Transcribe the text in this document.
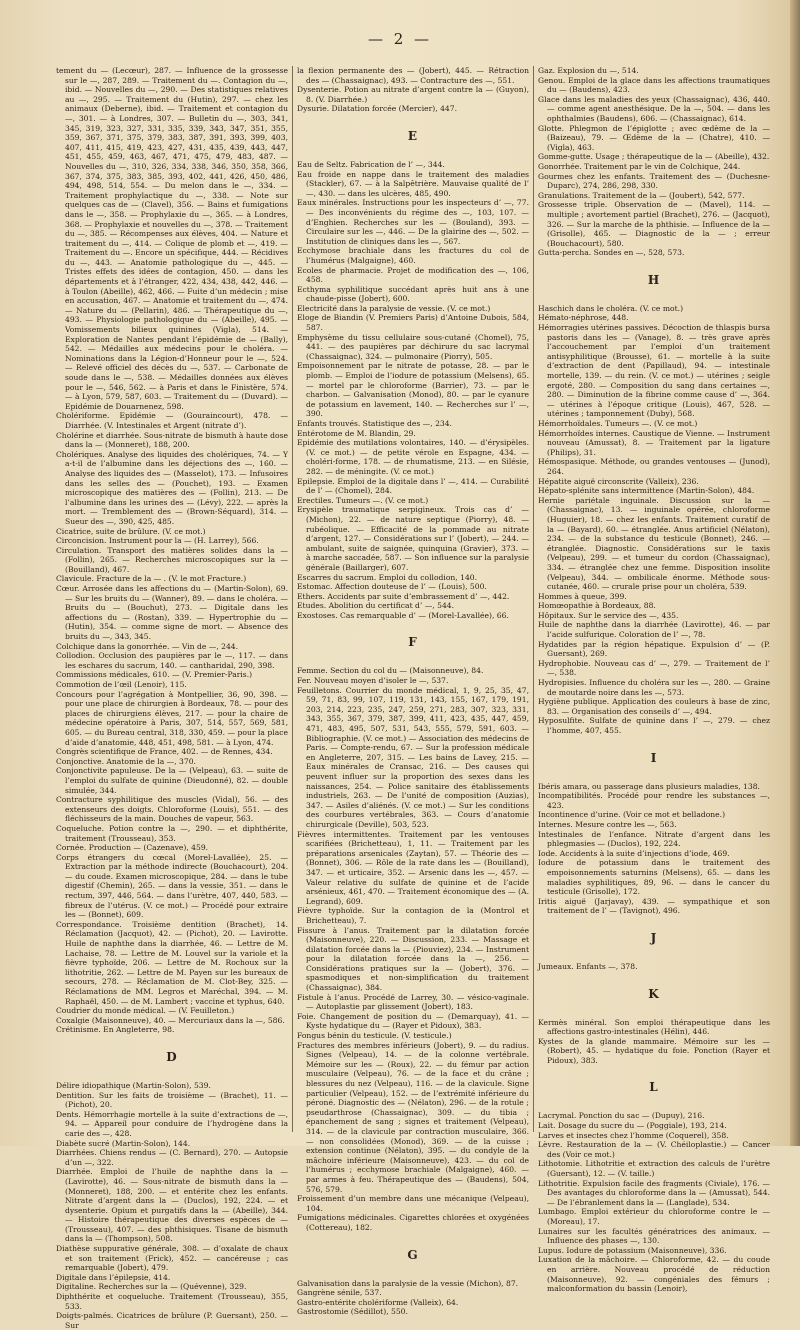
— 2 —

tement du — (Lecœur), 287. — Influence de la grossesse sur le —, 287, 289. — Traitement du —. Contagion du —, ibid. — Nouvelles du —, 290. — Des statistiques relatives au —, 295. — Traitement du (Hutin), 297. — chez les animaux (Deberne), ibid. — Traitement et contagion du —, 301. — à Londres, 307. — Bulletin du —, 303, 341, 345, 319, 323, 327, 331, 335, 339, 343, 347, 351, 355, 359, 367, 371, 375, 379, 383, 387, 391, 393, 399, 403, 407, 411, 415, 419, 423, 427, 431, 435, 439, 443, 447, 451, 455, 459, 463, 467, 471, 475, 479, 483, 487. — Nouvelles du —, 310, 326, 334, 338, 346, 350, 358, 366, 367, 374, 375, 383, 385, 393, 402, 441, 426, 450, 486, 494, 498, 514, 554. — Du melon dans le —, 334. — Traitement prophylactique du —, 338. — Note sur quelques cas de — (Clavel), 356. — Bains et fumigations dans le —, 358. — Prophylaxie du —, 365. — à Londres, 368. — Prophylaxie et nouvelles du —, 378. — Traitement du —, 385. — Récompenses aux élèves, 404. — Nature et traitement du —, 414. — Colique de plomb et —, 419. — Traitement du —. Encore un spécifique, 444. — Récidives du —, 443. — Anatomie pathologique du —, 445. — Tristes effets des idées de contagion, 450. — dans les départements et à l’étranger, 422, 434, 438, 442, 446. — à Toulon (Abeille), 462, 466. — Fuite d’un médecin ; mise en accusation, 467. — Anatomie et traitement du —, 474. — Nature du — (Pellarin), 486. — Thérapeutique du —, 493. — Physiologie pathologique du — (Abeille), 495. — Vomissements bilieux quinines (Vigla), 514. — Exploration de Nantes pendant l’épidémie de — (Bally), 542. — Médailles aux médecins pour le choléra. — Nominations dans la Légion-d’Honneur pour le —, 524. — Relevé officiel des décès du —, 537. — Carbonate de soude dans le —, 538. — Médailles données aux élèves pour le —, 546, 562. — à Paris et dans le Finistère, 574. — à Lyon, 579, 587, 603. — Traitement du — (Duvard). — Epidémie de Douarnenez, 598.

Cholériforme. Epidémie — (Gouraincourt), 478. — Diarrhée. (V. Intestinales et Argent (nitrate d’).

Cholérine et diarrhée. Sous-nitrate de bismuth à haute dose dans la — (Monneret), 188, 200.

Cholériques. Analyse des liquides des cholériques, 74. — Y a-t-il de l’albumine dans les déjections des —, 160. — Analyse des liquides des — (Masselot), 173. — Infusoires dans les selles des — (Pouchet), 193. — Examen microscopique des matières des — (Follin), 213. — De l’albumine dans les urines des — (Lévy), 222. — après la mort. — Tremblement des — (Brown-Séquard), 314. — Sueur des —, 390, 425, 485.

Cicatrice, suite de brûlure. (V. ce mot.)

Circoncision. Instrument pour la — (H. Larrey), 566.

Circulation. Transport des matières solides dans la — (Follin), 265. — Recherches microscopiques sur la — (Bouilland), 467.

Clavicule. Fracture de la — . (V. le mot Fracture.)

Cœur. Arrosée dans les affections du — (Martin-Solon), 69. — Sur les bruits du — (Wanner), 89. — dans le choléra. — Bruits du — (Bouchut), 273. — Digitale dans les affections du — (Rostan), 339. — Hypertrophie du — (Hutin), 354. — comme signe de mort. — Absence des bruits du —, 343, 345.

Colchique dans la gonorrhée. — Vin de —, 244.

Collodion. Occlusion des paupières par le —, 117. — dans les eschares du sacrum, 140. — cantharidal, 290, 398.

Commissions médicales, 610. — (V. Premier-Paris.)

Commotion de l’œil (Lenoir), 115.

Concours pour l’agrégation à Montpellier, 36, 90, 398. — pour une place de chirurgien à Bordeaux, 78. — pour des places de chirurgiens élèves, 217. — pour la chaire de médecine opératoire à Paris, 307, 514, 557, 569, 581, 605. — du Bureau central, 318, 330, 459. — pour la place d’aide d’anatomie, 448, 451, 498, 581. — à Lyon, 474.

Congrès scientifique de France, 402. — de Rennes, 434.

Conjonctive. Anatomie de la —, 370.

Conjonctivite papuleuse. De la — (Velpeau), 63. — suite de l’emploi du sulfate de quinine (Dieudonné), 82. — double simulée, 344.

Contracture syphilitique des muscles (Vidal), 56. — des extenseurs des doigts. Chloroforme (Louis), 551. — des fléchisseurs de la main. Douches de vapeur, 563.

Coqueluche. Potion contre la —, 290. — et diphthérite, traitement (Trousseau), 353.

Cornée. Production — (Cazenave), 459.

Corps étrangers du cœcal (Morel-Lavallée), 25. — Extraction par la méthode indirecte (Bouchacourt), 204. — du coude. Examen microscopique, 284. — dans le tube digestif (Chemin), 265. — dans la vessie, 351. — dans le rectum, 397, 446, 564. — dans l’urètre, 407, 440, 583. — fibreux de l’utérus. (V. ce mot.) — Procédé pour extraire les — (Bonnet), 609.

Correspondance. Troisième dentition (Brachet), 14. Réclamation (Jacquot), 42. — (Pichot), 20. — Lavirotte. Huile de naphthe dans la diarrhée, 46. — Lettre de M. Lachaise, 78. — Lettre de M. Louvel sur la variole et la fièvre typhoïde, 206. — Lettre de M. Rochoux sur la lithotritie, 262. — Lettre de M. Payen sur les bureaux de secours, 278. — Réclamation de M. Clot-Bey, 325. — Réclamations de MM. Legros et Maréchal, 394. — M. Raphaël, 450. — de M. Lambert ; vaccine et typhus, 640.

Coudrier du monde médical. — (V. Feuilleton.)

Coxalgie (Maisonneuve), 40. — Mercuriaux dans la —, 586.

Crétinisme. En Angleterre, 98.

D

Délire idiopathique (Martin-Solon), 539.

Dentition. Sur les faits de troisième — (Brachet), 11. — (Pichot), 20.

Dents. Hémorrhagie mortelle à la suite d’extractions de —, 94. — Appareil pour conduire de l’hydrogène dans la carie des —, 428.

Diabète sucré (Martin-Solon), 144.

Diarrhées. Chiens rendus — (C. Bernard), 270. — Autopsie d’un —, 322.

Diarrhée. Emploi de l’huile de naphthe dans la — (Lavirotte), 46. — Sous-nitrate de bismuth dans la — (Monneret), 188, 200. — et entérite chez les enfants. Nitrate d’argent dans la — (Duclos), 192, 224. — et dysenterie. Opium et purgatifs dans la — (Abeille), 344. — Histoire thérapeutique des diverses espèces de — (Trousseau), 407. — des phthisiques. Tisane de bismuth dans la — (Thompson), 508.

Diathèse suppurative générale, 308. — d’oxalate de chaux et son traitement (Frick), 452. — cancéreuse ; cas remarquable (Jobert), 479.

Digitale dans l’épilepsie, 414.

Digitaline. Recherches sur la — (Quévenne), 329.

Diphthérite et coqueluche. Traitement (Trousseau), 355, 533.

Doigts-palmés. Cicatrices de brûlure (P. Guersant), 250. — Sur

la flexion permanente des — (Jobert), 445. — Rétraction des — (Chassaignac), 493. — Contracture des —, 551.

Dysenterie. Potion au nitrate d’argent contre la — (Guyon), 8. (V. Diarrhée.)

Dysurie. Dilatation forcée (Mercier), 447.

E

Eau de Seltz. Fabrication de l’ —, 344.

Eau froide en nappe dans le traitement des maladies (Stackler), 67. — à la Salpêtrière. Mauvaise qualité de l’ —, 430. — dans les ulcères, 485, 490.

Eaux minérales. Instructions pour les inspecteurs d’ —, 77. — Des inconvénients du régime des —, 103, 107. — d’Enghien. Recherches sur les — (Bouland), 393. — Circulaire sur les —, 446. — De la glairine des —, 502. — Institution de cliniques dans les —, 567.

Ecchymose brachiale dans les fractures du col de l’humérus (Malgaigne), 460.

Ecoles de pharmacie. Projet de modification des —, 106, 458.

Ecthyma syphilitique succédant après huit ans à une chaude-pisse (Jobert), 600.

Electricité dans la paralysie de vessie. (V. ce mot.)

Eloge de Biandin (V. Premiers Paris) d’Antoine Dubois, 584, 587.

Emphysème du tissu cellulaire sous-cutané (Chomel), 75, 441. — des paupières par déchirure du sac lacrymal (Chassaignac), 324. — pulmonaire (Piorry), 505.

Empoisonnement par le nitrate de potasse, 28. — par le plomb. — Emploi de l’iodure de potassium (Melsens), 65. — mortel par le chloroforme (Barrier), 73. — par le charbon. — Galvanisation (Monod), 80. — par le cyanure de potassium en lavement, 140. — Recherches sur l’ —, 390.

Enfants trouvés. Statistique des —, 234.

Entérotome de M. Blandin, 29.

Epidémie des mutilations volontaires, 140. — d’érysipèles. (V. ce mot.) — de petite vérole en Espagne, 434. — choléri-forme, 178. — de rhumatisme, 213. — en Silésie, 282. — de méningite. (V. ce mot.)

Epilepsie. Emploi de la digitale dans l’ —, 414. — Curabilité de l’ — (Chomel), 284.

Erectiles. Tumeurs —. (V. ce mot.)

Erysipèle traumatique serpigineux. Trois cas d’ — (Michon), 22. — de nature septique (Piorry), 48. — rubéolique. — Efficacité de la pommade au nitrate d’argent, 127. — Considérations sur l’ (Jobert), — 244. — ambulant, suite de saignée, quinquina (Gravier), 373. — à marche saccadée, 587. — Son influence sur la paralysie générale (Baillarger), 607.

Escarres du sacrum. Emploi du collodion, 140.

Estomac. Affection douteuse de l’ — (Louis), 500.

Ethers. Accidents par suite d’embrassement d’ —, 442.

Etudes. Abolition du certificat d’ —, 544.

Exostoses. Cas remarquable d’ — (Morel-Lavallée), 66.

F

Femme. Section du col du — (Maisonneuve), 84.

Fer. Nouveau moyen d’isoler le —, 537.

Feuilletons. Courrier du monde médical, 1, 9, 25, 35, 47, 59, 71, 83, 99, 107, 119, 131, 143, 155, 167, 179, 191, 203, 214, 223, 235, 247, 259, 271, 283, 307, 323, 331, 343, 355, 367, 379, 387, 399, 411, 423, 435, 447, 459, 471, 483, 495, 507, 531, 543, 555, 579, 591, 603. — Bibliographie. (V. ce mot.) — Association des médecins de Paris. — Compte-rendu, 67. — Sur la profession médicale en Angleterre, 207, 315. — Les bains de Lavey, 215. — Eaux minérales de Cransac, 216. — Des causes qui peuvent influer sur la proportion des sexes dans les naissances, 254. — Police sanitaire des établissements industriels, 263. — De l’unité de composition (Auzias), 347. — Asiles d’aliénés. (V. ce mot.) — Sur les conditions des courbures vertébrales, 363. — Cours d’anatomie chirurgicale (Deville), 503, 523.

Fièvres intermittentes. Traitement par les ventouses scarifiées (Brichetteau), 1, 11. — Traitement par les préparations arsenicales (Zaytan), 57. — Théorie des — (Bonnet), 306. — Rôle de la rate dans les — (Bouilland), 347. — et urticaire, 352. — Arsenic dans les —, 457. — Valeur relative du sulfate de quinine et de l’acide arsénieux, 461, 470. — Traitement économique des — (A. Legrand), 609.

Fièvre typhoïde. Sur la contagion de la (Montrol et Brichetteau), 7.

Fissure à l’anus. Traitement par la dilatation forcée (Maisonneuve), 220. — Discussion, 233. — Massage et dilatation forcée dans la — (Piouviez), 234. — Instrument pour la dilatation forcée dans la —, 256. — Considérations pratiques sur la — (Jobert), 376. — spasmodiques et non-simplification du traitement (Chassaignac), 384.

Fistule à l’anus. Procédé de Larrey, 30. — vésico-vaginale. — Autoplastie par glissement (Jobert), 183.

Foie. Changement de position du — (Demarquay), 41. — Kyste hydatique du — (Rayer et Pidoux), 383.

Fongus bénin du testicule. (V. testicule.)

Fractures des membres inférieurs (Jobert), 9. — du radius. Signes (Velpeau), 14. — de la colonne vertébrale. Mémoire sur les — (Roux), 22. — du fémur par action musculaire (Velpeau), 76. — de la face et du crâne ; blessures du nez (Velpeau), 116. — de la clavicule. Signe particulier (Velpeau), 152. — de l’extrémité inférieure du péroné. Diagnostic des — (Nélaton), 296. — de la rotule ; pseudarthrose (Chassaignac), 309. — du tibia ; épanchement de sang ; signes et traitement (Velpeau), 314. — de la clavicule par contraction musculaire, 366. — non consolidées (Monod), 369. — de la cuisse ; extension continue (Nélaton), 395. — du condyle de la mâchoire inférieure (Maisonneuve), 423. — du col de l’humérus ; ecchymose brachiale (Malgaigne), 460. — par armes à feu. Thérapeutique des — (Baudens), 504, 576, 579.

Froissement d’un membre dans une mécanique (Velpeau), 104.

Fumigations médicinales. Cigarettes chlorées et oxygénées (Cottereau), 182.

G

Galvanisation dans la paralysie de la vessie (Michon), 87.

Gangrène sénile, 537.

Gastro-entérite cholériforme (Valleix), 64.

Gastrostomie (Sédillot), 550.

Gaz. Explosion du —, 514.

Genou. Emploi de la glace dans les affections traumatiques du — (Baudens), 423.

Glace dans les maladies des yeux (Chassaignac), 436, 440. — comme agent anesthésique. De la —, 504. — dans les ophthalmies (Baudens), 606. — (Chassaignac), 614.

Glotte. Phlegmon de l’épiglotte ; avec œdème de la — (Baizeau), 79. — Œdème de la — (Chatre), 410. — (Vigla), 463.

Gomme-gutte. Usage ; thérapeutique de la — (Abeille), 432.

Gonorrhée. Traitement par le vin de Colchique, 244.

Gourmes chez les enfants. Traitement des — (Duchesne-Duparc), 274, 286, 298, 330.

Granulations. Traitement de la — (Joubert), 542, 577.

Grossesse triple. Observation de — (Mavel), 114. — multiple ; avortement partiel (Brachet), 276. — (Jacquot), 326. — Sur la marche de la phthisie. — Influence de la — (Grisolle), 465. — Diagnostic de la — ; erreur (Bouchacourt), 580.

Gutta-percha. Sondes en —, 528, 573.

H

Haschich dans le choléra. (V. ce mot.)

Hémato-néphrose, 448.

Hémorragies utérines passives. Décoction de thlaspis bursa pastoris dans les — (Vanage), 8. — très grave après l’accouchement par l’emploi d’un traitement antisyphilitique (Brousse), 61. — mortelle à la suite d’extraction de dent (Papillaud), 94. — intestinale mortelle, 139. — du rein. (V. ce mot.) — utérines ; seigle ergoté, 280. — Composition du sang dans certaines —, 280. — Diminution de la fibrine comme cause d’ —, 364. — utérines à l’époque critique (Louis), 467, 528. — utérines ; tamponnement (Duby), 568.

Hémorrhoïdales. Tumeurs —. (V. ce mot.)

Hémorrhoïdes internes. Caustique de Vienne. — Instrument nouveau (Amussat), 8. — Traitement par la ligature (Philips), 31.

Hémospasique. Méthode, ou grandes ventouses — (Junod), 264.

Hépatite aiguë circonscrite (Valleix), 236.

Hépato-splénite sans intermittence (Martin-Solon), 484.

Hernie pariétale inguinale. Discussion sur la — (Chassaignac), 13. — inguinale opérée, chloroforme (Huguier), 18. — chez les enfants. Traitement curatif de la — (Bayard), 60. — étranglée. Anus artificiel (Nélaton), 234. — de la substance du testicule (Bonnet), 246. — étranglée. Diagnostic. Considérations sur le taxis (Velpeau), 299. — et tumeur du cordon (Chassaignac), 334. — étranglée chez une femme. Disposition insolite (Velpeau), 344. — ombilicale énorme. Méthode sous-cutanée, 460. — crurale prise pour un choléra, 539.

Hommes à queue, 399.

Homœopathie à Bordeaux, 88.

Hôpitaux. Sur le service des —, 435.

Huile de naphthe dans la diarrhée (Lavirotte), 46. — par l’acide sulfurique. Coloration de l’ —, 78.

Hydatides par la région hépatique. Expulsion d’ — (P. Guersant), 269.

Hydrophobie. Nouveau cas d’ —, 279. — Traitement de l’ —, 538.

Hydropisies. Influence du choléra sur les —, 280. — Graine de moutarde noire dans les —, 573.

Hygiène publique. Application des couleurs à base de zinc, 83. — Organisation des conseils d’ —, 494.

Hyposulfite. Sulfate de quinine dans l’ —, 279. — chez l’homme, 407, 455.

I

Ibéris amara, ou passerage dans plusieurs maladies, 138.

Incompatibilités. Procédé pour rendre les substances —, 423.

Incontinence d’urine. (Voir ce mot et belladone.)

Internes. Mesure contre les —, 563.

Intestinales de l’enfance. Nitrate d’argent dans les phlegmasies — (Duclos), 192, 224.

Iode. Accidents à la suite d’injections d’iode, 469.

Iodure de potassium dans le traitement des empoisonnements saturnins (Melsens), 65. — dans les maladies syphilitiques, 89, 96. — dans le cancer du testicule (Grisolle), 172.

Iritis aiguë (Jarjavay), 439. — sympathique et son traitement de l’ — (Tavignot), 496.

J

Jumeaux. Enfants —, 378.

K

Kermès minéral. Son emploi thérapeutique dans les affections gastro-intestinales (Hélin), 446.

Kystes de la glande mammaire. Mémoire sur les — (Robert), 45. — hydatique du foie. Ponction (Rayer et Pidoux), 383.

L

Lacrymal. Ponction du sac — (Dupuy), 216.

Lait. Dosage du sucre du — (Poggiale), 193, 214.

Larves et insectes chez l’homme (Coquerel), 358.

Lèvre. Restauration de la — (V. Chéiloplastie.) — Cancer des (Voir ce mot.)

Lithotomie. Lithotritie et extraction des calculs de l’urètre (Guersant), 12. — (V. taille.)

Lithotritie. Expulsion facile des fragments (Civiale), 176. — Des avantages du chloroforme dans la — (Amussat), 544. — De l’ébranlement dans la — (Langlade), 534.

Lumbago. Emploi extérieur du chloroforme contre le — (Moreau), 17.

Lunaires sur les facultés génératrices des animaux. — Influence des phases —, 130.

Lupus. Iodure de potassium (Maisonneuve), 336.

Luxation de la mâchoire. — Chloroforme, 42. — du coude en arrière. Nouveau procédé de réduction (Maisonneuve), 92. — congéniales des fémurs ; malconformation du bassin (Lenoir),
